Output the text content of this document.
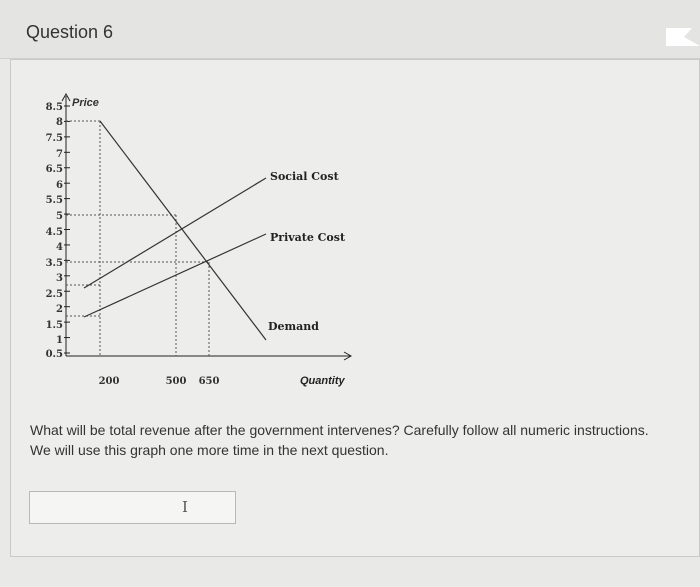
Question 6
8.5
8
7.5
7
6.5
6
5.5
5
4.5
4
3.5
3
2.5
2
1.5
1
0.5
Price
Social Cost
Private Cost
Demand
200	500 650	Quantity
What will be total revenue after the government intervenes? Carefully follow all numeric instructions. We will use this graph one more time in the next question.
I
